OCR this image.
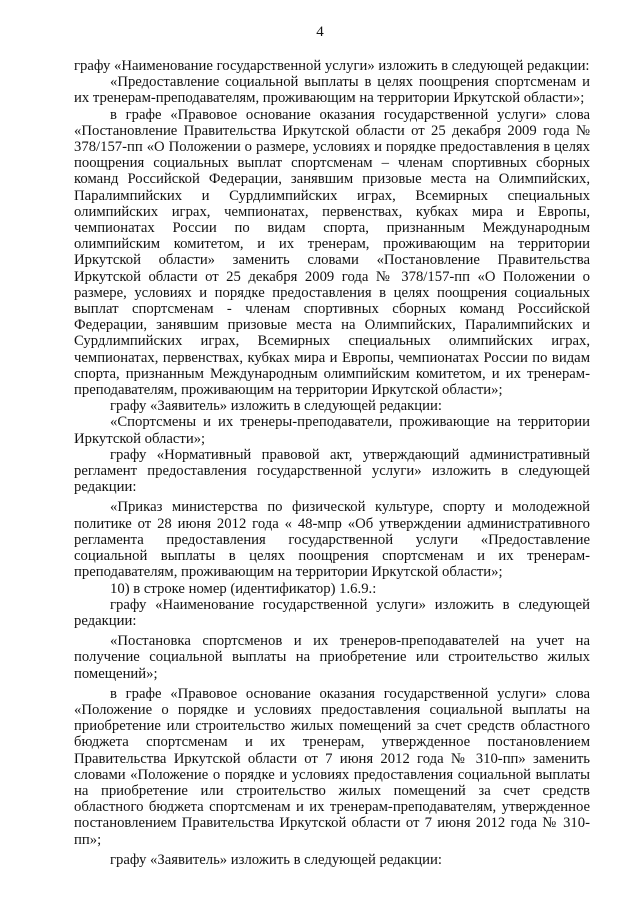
4

графу «Наименование государственной услуги» изложить в следующей редакции:

«Предоставление социальной выплаты в целях поощрения спортсменам и их тренерам-преподавателям, проживающим на территории Иркутской области»;

в графе «Правовое основание оказания государственной услуги» слова «Постановление Правительства Иркутской области от 25 декабря 2009 года № 378/157-пп «О Положении о размере, условиях и порядке предоставления в целях поощрения социальных выплат спортсменам – членам спортивных сборных команд Российской Федерации, занявшим призовые места на Олимпийских, Паралимпийских и Сурдлимпийских играх, Всемирных специальных олимпийских играх, чемпионатах, первенствах, кубках мира и Европы, чемпионатах России по видам спорта, признанным Международным олимпийским комитетом, и их тренерам, проживающим на территории Иркутской области» заменить словами «Постановление Правительства Иркутской области от 25 декабря 2009 года № 378/157-пп «О Положении о размере, условиях и порядке предоставления в целях поощрения социальных выплат спортсменам - членам спортивных сборных команд Российской Федерации, занявшим призовые места на Олимпийских, Паралимпийских и Сурдлимпийских играх, Всемирных специальных олимпийских играх, чемпионатах, первенствах, кубках мира и Европы, чемпионатах России по видам спорта, признанным Международным олимпийским комитетом, и их тренерам-преподавателям, проживающим на территории Иркутской области»;

графу «Заявитель» изложить в следующей редакции:

«Спортсмены и их тренеры-преподаватели, проживающие на территории Иркутской области»;

графу «Нормативный правовой акт, утверждающий административный регламент предоставления государственной услуги» изложить в следующей редакции:

«Приказ министерства по физической культуре, спорту и молодежной политике от 28 июня 2012 года « 48-мпр «Об утверждении административного регламента предоставления государственной услуги «Предоставление социальной выплаты в целях поощрения спортсменам и их тренерам-преподавателям, проживающим на территории Иркутской области»;

10) в строке номер (идентификатор) 1.6.9.:

графу «Наименование государственной услуги» изложить в следующей редакции:

«Постановка спортсменов и их тренеров-преподавателей на учет на получение социальной выплаты на приобретение или строительство жилых помещений»;

в графе «Правовое основание оказания государственной услуги» слова «Положение о порядке и условиях предоставления социальной выплаты на приобретение или строительство жилых помещений за счет средств областного бюджета спортсменам и их тренерам, утвержденное постановлением Правительства Иркутской области от 7 июня 2012 года № 310-пп» заменить словами «Положение о порядке и условиях предоставления социальной выплаты на приобретение или строительство жилых помещений за счет средств областного бюджета спортсменам и их тренерам-преподавателям, утвержденное постановлением Правительства Иркутской области от 7 июня 2012 года № 310-пп»;

графу «Заявитель» изложить в следующей редакции:
